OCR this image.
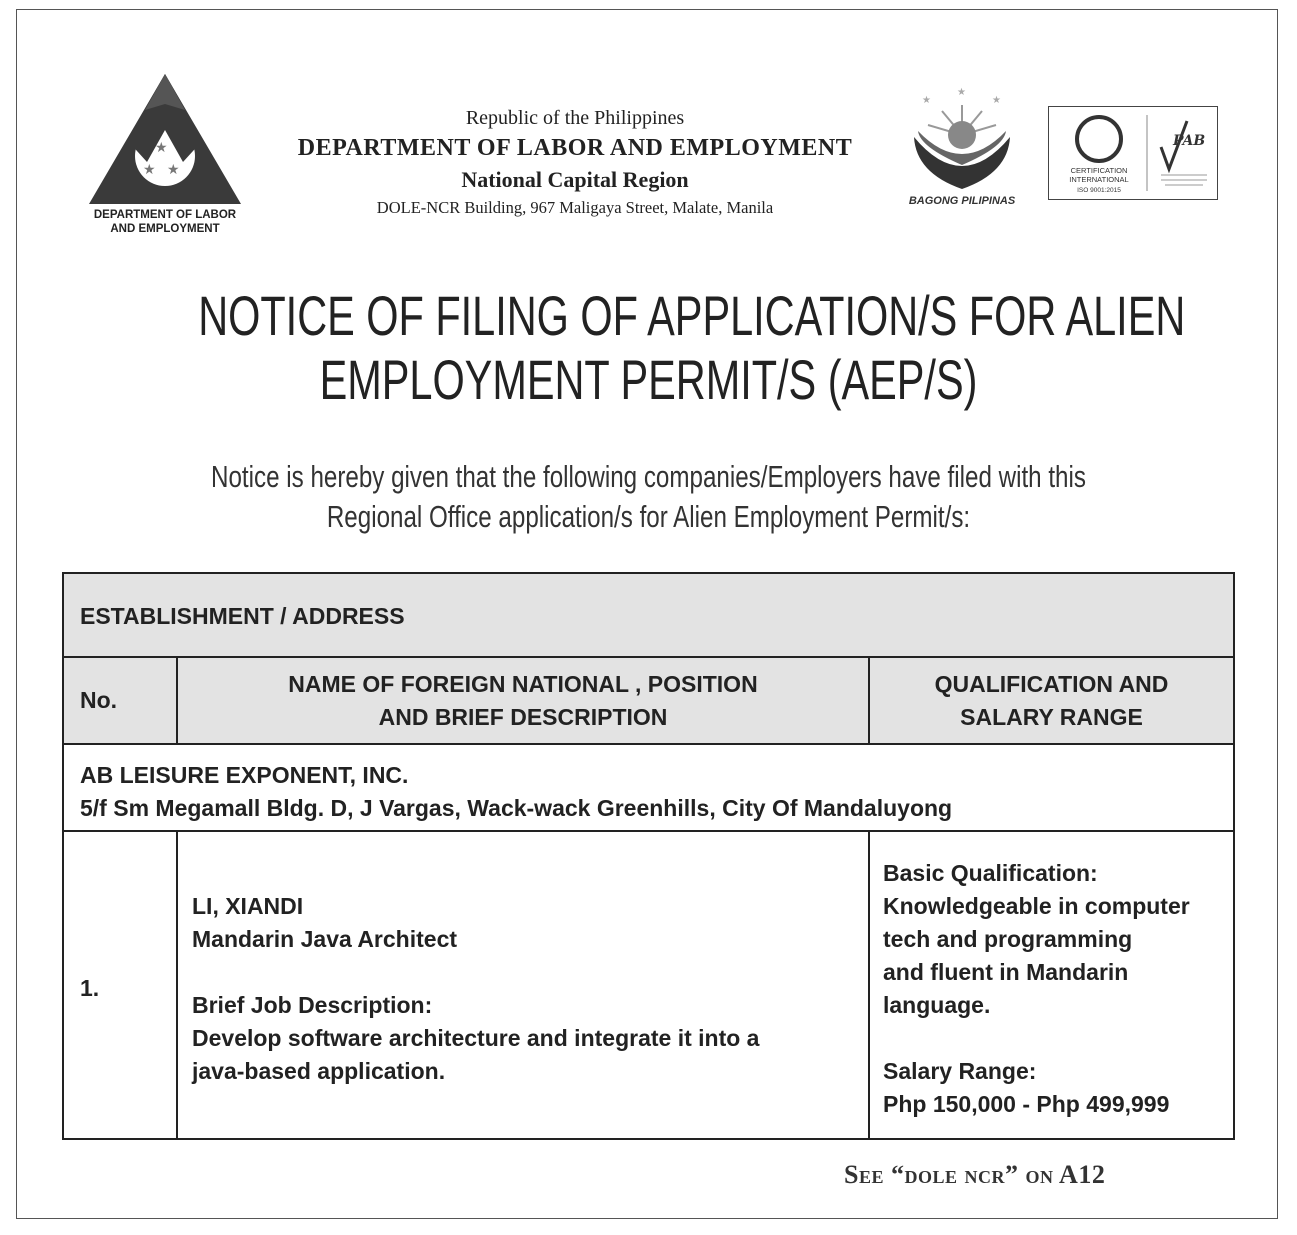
★
★ ★
DEPARTMENT OF LABOR
AND EMPLOYMENT
Republic of the Philippines
DEPARTMENT OF LABOR AND EMPLOYMENT
National Capital Region
DOLE-NCR Building, 967 Maligaya Street, Malate, Manila
★
★
★
BAGONG PILIPINAS
PAB
CERTIFICATION
INTERNATIONAL
ISO 9001:2015
NOTICE OF FILING OF APPLICATION/S FOR ALIEN
EMPLOYMENT PERMIT/S (AEP/S)
Notice is hereby given that the following companies/Employers have filed with this
Regional Office application/s for Alien Employment Permit/s:
ESTABLISHMENT / ADDRESS
No.
NAME OF FOREIGN NATIONAL , POSITION
AND BRIEF DESCRIPTION
QUALIFICATION AND
SALARY RANGE
AB LEISURE EXPONENT, INC.
5/f Sm Megamall Bldg. D, J Vargas, Wack-wack Greenhills, City Of Mandaluyong
1.
LI, XIANDI
Mandarin Java Architect
Brief Job Description:
Develop software architecture and integrate it into a
java-based application.
Basic Qualification:
Knowledgeable in computer
tech and programming
and fluent in Mandarin
language.
Salary Range:
Php 150,000 - Php 499,999
See “dole ncr” on A12
